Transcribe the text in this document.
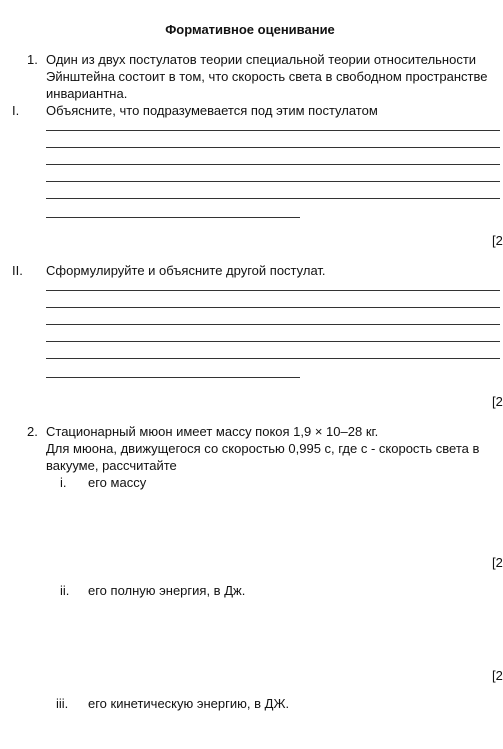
Формативное оценивание
1. Один из двух постулатов теории специальной теории относительности
Эйнштейна состоит в том, что скорость света в свободном пространстве
инвариантна.
I. Объясните, что подразумевается под этим постулатом
[2
II. Сформулируйте и объясните другой постулат.
[2
2. Стационарный мюон имеет массу покоя 1,9 × 10–28 кг.
Для мюона, движущегося со скоростью 0,995 с, где с - скорость света в
вакууме, рассчитайте
i. его массу
[2
ii. его полную энергия, в Дж.
[2
iii. его кинетическую энергию, в ДЖ.
